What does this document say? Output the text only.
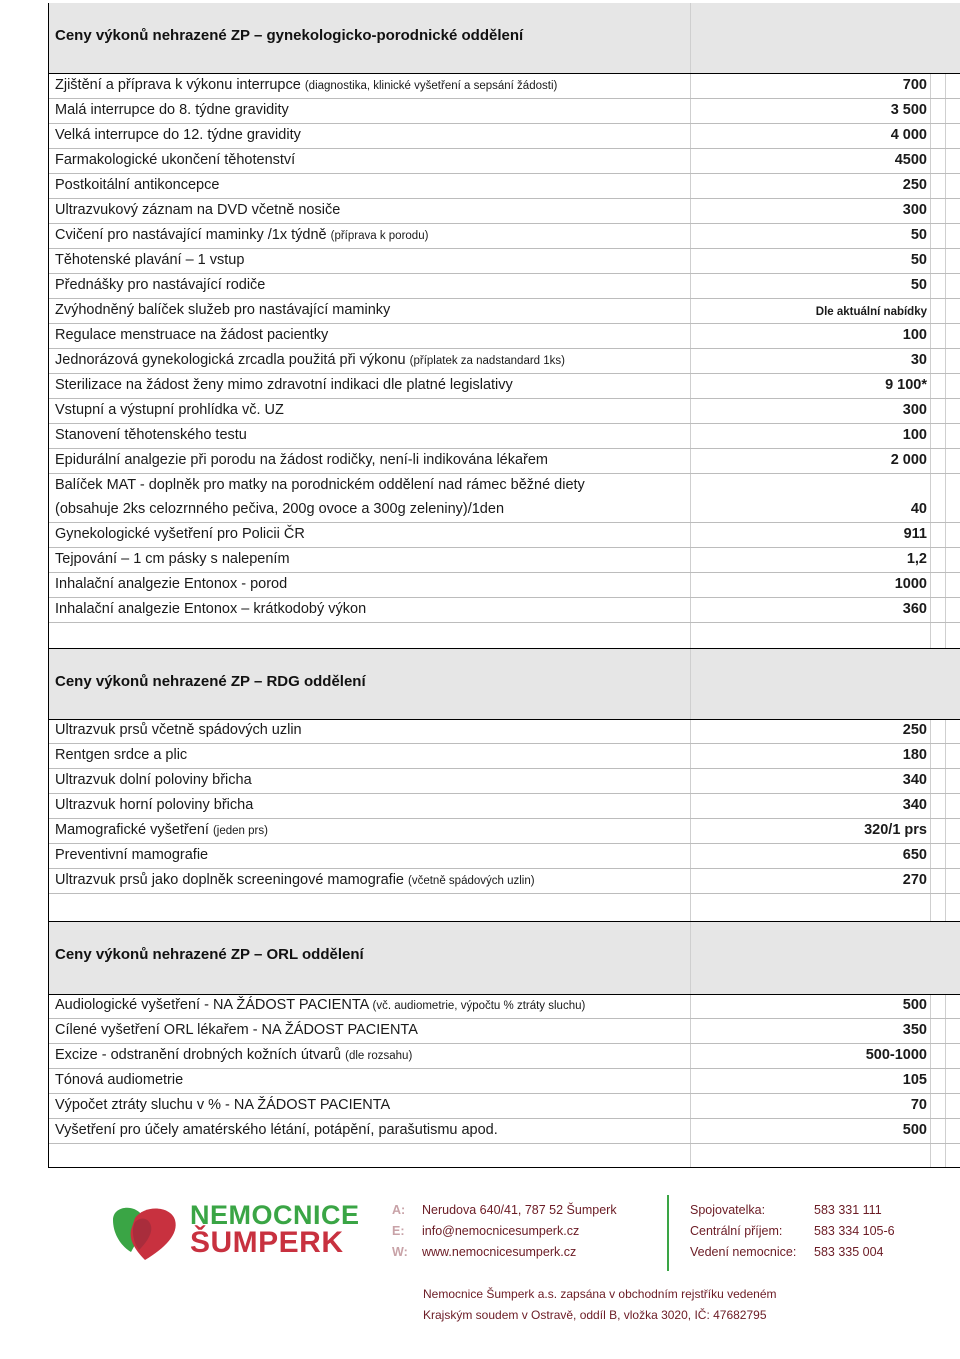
Ceny výkonů nehrazené ZP – gynekologicko-porodnické oddělení
Zjištění a příprava k výkonu interrupce (diagnostika, klinické vyšetření a sepsání žádosti)	700
Malá interrupce do 8. týdne gravidity	3 500
Velká interrupce do 12. týdne gravidity	4 000
Farmakologické ukončení těhotenství	4500
Postkoitální antikoncepce	250
Ultrazvukový záznam na DVD včetně nosiče	300
Cvičení pro nastávající maminky /1x týdně (příprava k porodu)	50
Těhotenské plavání – 1 vstup	50
Přednášky pro nastávající rodiče	50
Zvýhodněný balíček služeb pro nastávající maminky	Dle aktuální nabídky
Regulace menstruace na žádost pacientky	100
Jednorázová gynekologická zrcadla použitá při výkonu (příplatek za nadstandard 1ks)	30
Sterilizace na žádost ženy mimo zdravotní indikaci dle platné legislativy	9 100*
Vstupní a výstupní prohlídka vč. UZ	300
Stanovení těhotenského testu	100
Epidurální analgezie při porodu na žádost rodičky, není-li indikována lékařem	2 000
Balíček MAT - doplněk pro matky na porodnickém oddělení nad rámec běžné diety
(obsahuje 2ks celozrnného pečiva, 200g ovoce a 300g zeleniny)/1den	40
Gynekologické vyšetření pro Policii ČR	911
Tejpování – 1 cm pásky s nalepením	1,2
Inhalační analgezie Entonox - porod	1000
Inhalační analgezie Entonox – krátkodobý výkon	360
Ceny výkonů nehrazené ZP – RDG oddělení
Ultrazvuk prsů včetně spádových uzlin	250
Rentgen srdce a plic	180
Ultrazvuk dolní poloviny břicha	340
Ultrazvuk horní poloviny břicha	340
Mamografické vyšetření (jeden prs)	320/1 prs
Preventivní mamografie	650
Ultrazvuk prsů jako doplněk screeningové mamografie (včetně spádových uzlin)	270
Ceny výkonů nehrazené ZP – ORL oddělení
Audiologické vyšetření - NA ŽÁDOST PACIENTA (vč. audiometrie, výpočtu % ztráty sluchu)	500
Cílené vyšetření ORL lékařem - NA ŽÁDOST PACIENTA	350
Excize - odstranění drobných kožních útvarů (dle rozsahu)	500-1000
Tónová audiometrie	105
Výpočet ztráty sluchu v % - NA ŽÁDOST PACIENTA	70
Vyšetření pro účely amatérského létání, potápění, parašutismu apod.	500
NEMOCNICE
ŠUMPERK
A: Nerudova 640/41, 787 52 Šumperk
E: info@nemocnicesumperk.cz
W: www.nemocnicesumperk.cz
Spojovatelka:	583 331 111
Centrální příjem:	583 334 105-6
Vedení nemocnice: 583 335 004
Nemocnice Šumperk a.s. zapsána v obchodním rejstříku vedeném
Krajským soudem v Ostravě, oddíl B, vložka 3020, IČ: 47682795
